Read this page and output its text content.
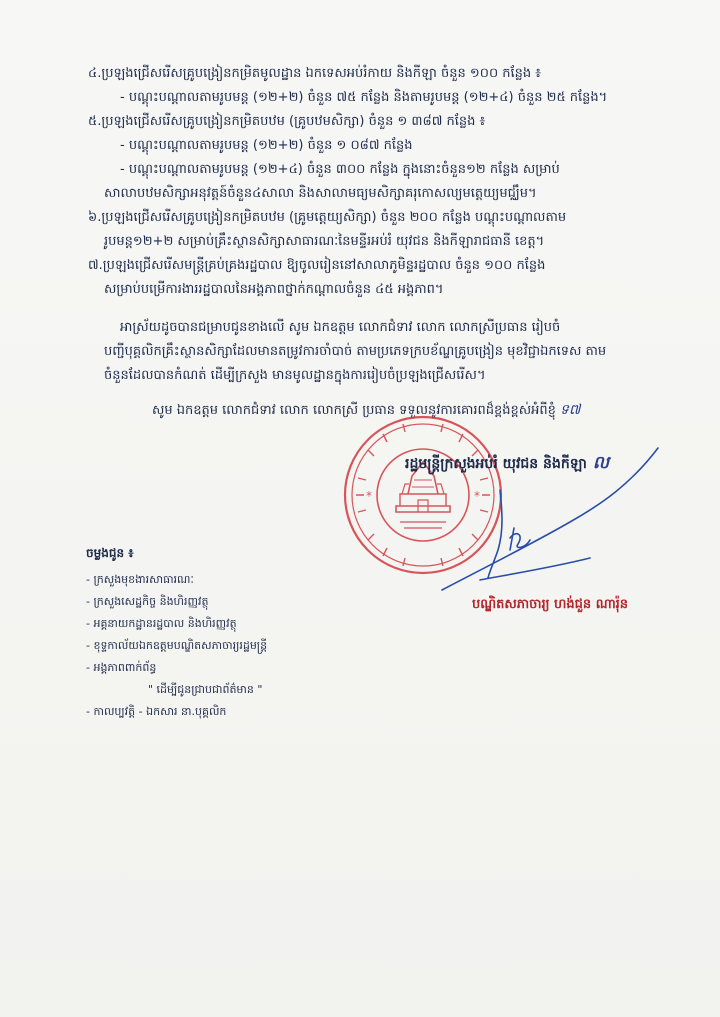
៤.ប្រឡងជ្រើសរើសគ្រូបង្រៀនកម្រិតមូលដ្ឋាន ឯកទេសអប់រំកាយ និងកីឡា ចំនួន ១០០ កន្លែង ៖

- បណ្តុះបណ្តាលតាមរូបមន្ត (១២+២) ចំនួន ៧៥ កន្លែង និងតាមរូបមន្ត (១២+៤) ចំនួន ២៥ កន្លែង។

៥.ប្រឡងជ្រើសរើសគ្រូបង្រៀនកម្រិតបឋម (គ្រូបឋមសិក្សា) ចំនួន ១ ៣៨៧ កន្លែង ៖

- បណ្តុះបណ្តាលតាមរូបមន្ត (១២+២) ចំនួន ១ ០៨៧ កន្លែង

- បណ្តុះបណ្តាលតាមរូបមន្ត (១២+៤) ចំនួន ៣០០ កន្លែង ក្នុងនោះចំនួន១២ កន្លែង សម្រាប់

សាលាបឋមសិក្សាអនុវត្តន៍ចំនួន៤សាលា និងសាលាមធ្យមសិក្សាគរុកោសល្យមត្តេយ្យមជ្ឈឹម។

៦.ប្រឡងជ្រើសរើសគ្រូបង្រៀនកម្រិតបឋម (គ្រូមត្តេយ្យសិក្សា) ចំនួន ២០០ កន្លែង បណ្តុះបណ្តាលតាម

រូបមន្ត១២+២ សម្រាប់គ្រឹះស្ថានសិក្សាសាធារណៈនៃមន្ទីរអប់រំ យុវជន និងកីឡារាជធានី ខេត្ត។

៧.ប្រឡងជ្រើសរើសមន្ត្រីគ្រប់គ្រងរដ្ឋបាល ឱ្យចូលរៀននៅសាលាភូមិន្ទរដ្ឋបាល ចំនួន ១០០ កន្លែង

សម្រាប់បម្រើការងាររដ្ឋបាលនៃអង្គភាពថ្នាក់កណ្តាលចំនួន ៤៥ អង្គភាព។

អាស្រ័យដូចបានជម្រាបជូនខាងលើ សូម ឯកឧត្តម លោកជំទាវ លោក លោកស្រីប្រធាន រៀបចំ

បញ្ជីបុគ្គលិកគ្រឹះស្ថានសិក្សាដែលមានតម្រូវការចាំបាច់ តាមប្រភេទក្របខ័ណ្ឌគ្រូបង្រៀន មុខវិជ្ជាឯកទេស តាម

ចំនួនដែលបានកំណត់ ដើម្បីក្រសួង មានមូលដ្ឋានក្នុងការរៀបចំប្រឡងជ្រើសរើស។

សូម ឯកឧត្តម លោកជំទាវ លោក លោកស្រី ប្រធាន ទទួលនូវការគោរពដ៏ខ្ពង់ខ្ពស់អំពីខ្ញុំ ទ៧
*	*
រដ្ឋមន្ត្រីក្រសួងអប់រំ យុវជន និងកីឡា ល
បណ្ឌិតសភាចារ្យ ហង់ជួន ណារ៉ុន

ចម្លងជូន ៖

- ក្រសួងមុខងារសាធារណៈ

- ក្រសួងសេដ្ឋកិច្ច និងហិរញ្ញវត្ថុ

- អគ្គនាយកដ្ឋានរដ្ឋបាល និងហិរញ្ញវត្ថុ

- ខុទ្ទកាល័យឯកឧត្តមបណ្ឌិតសភាចារ្យរដ្ឋមន្ត្រី

- អង្គភាពពាក់ព័ន្ធ

" ដើម្បីជូនជ្រាបជាព័ត៌មាន "

- កាលប្បវត្តិ - ឯកសារ នា.បុគ្គលិក
